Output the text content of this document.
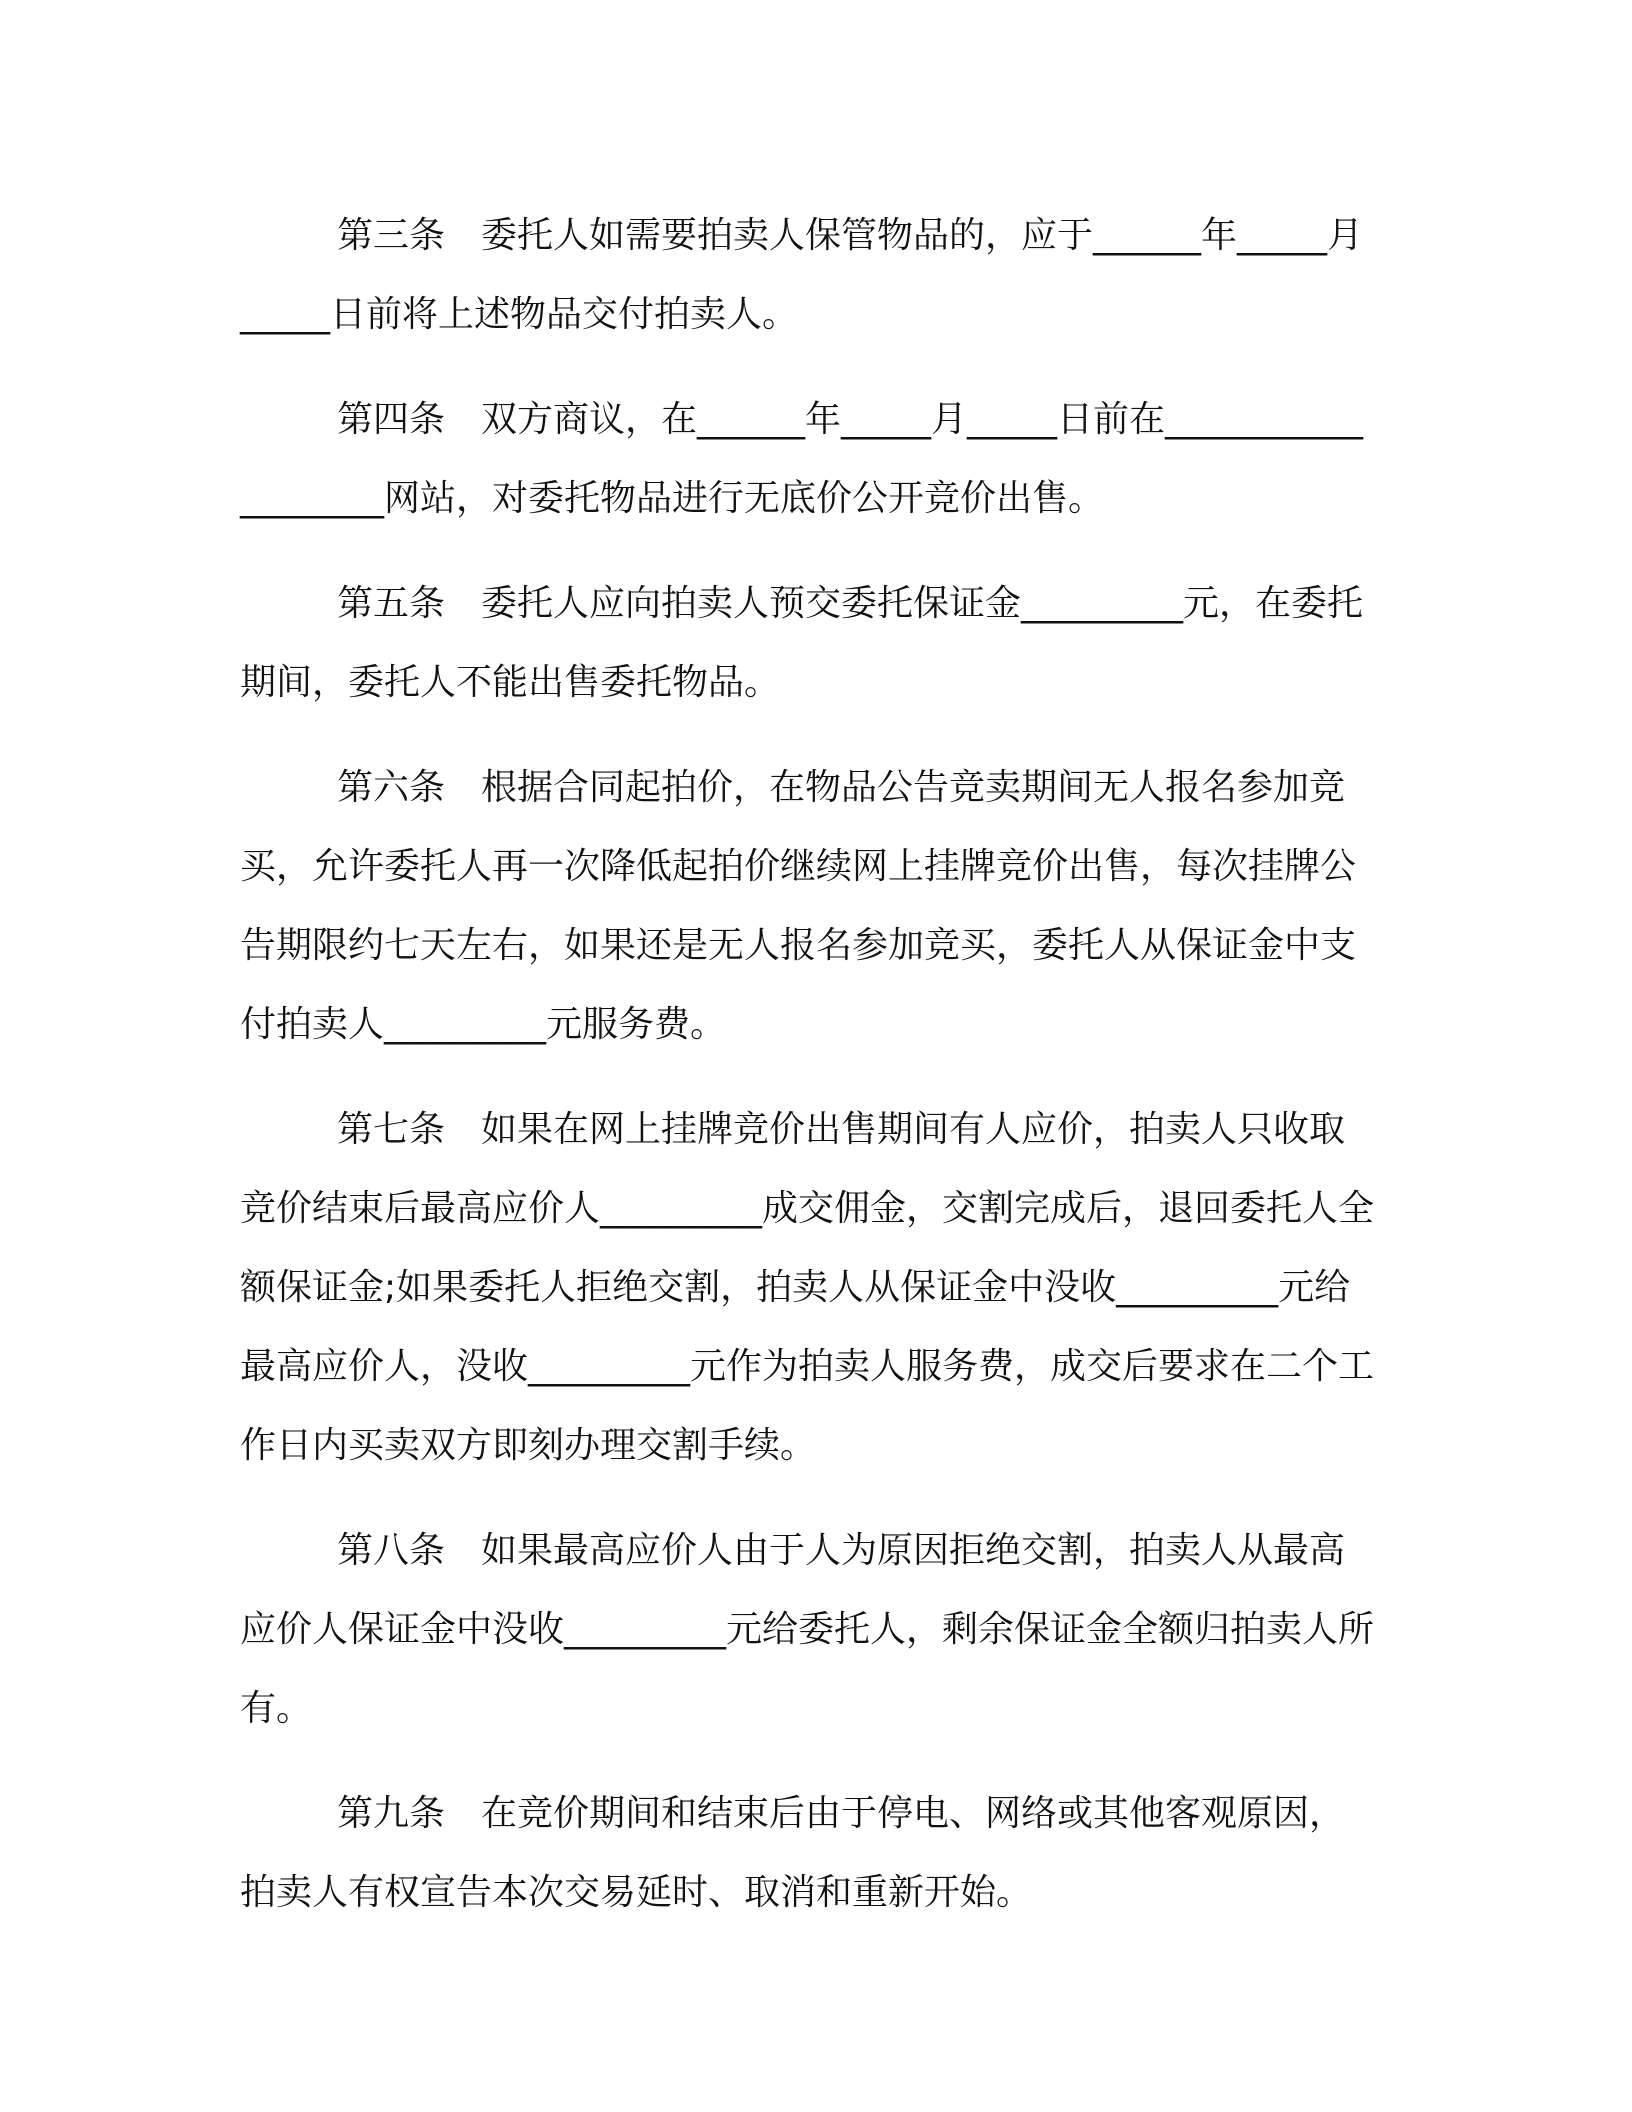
第三条　 委托人如需要拍卖人保管物品的，应于______年_____月_____日前将上述物品交付拍卖人。

第四条　 双方商议，在______年_____月_____日前在___________________网站，对委托物品进行无底价公开竞价出售。

第五条　 委托人应向拍卖人预交委托保证金_________元，在委托期间，委托人不能出售委托物品。

第六条　 根据合同起拍价，在物品公告竞卖期间无人报名参加竞买，允许委托人再一次降低起拍价继续网上挂牌竞价出售，每次挂牌公告期限约七天左右，如果还是无人报名参加竞买，委托人从保证金中支付拍卖人_________元服务费。

第七条　 如果在网上挂牌竞价出售期间有人应价，拍卖人只收取竞价结束后最高应价人_________成交佣金，交割完成后，退回委托人全额保证金;如果委托人拒绝交割，拍卖人从保证金中没收_________元给最高应价人，没收_________元作为拍卖人服务费，成交后要求在二个工作日内买卖双方即刻办理交割手续。

第八条　 如果最高应价人由于人为原因拒绝交割，拍卖人从最高应价人保证金中没收_________元给委托人，剩余保证金全额归拍卖人所有。

第九条　 在竞价期间和结束后由于停电、网络或其他客观原因，拍卖人有权宣告本次交易延时、取消和重新开始。
